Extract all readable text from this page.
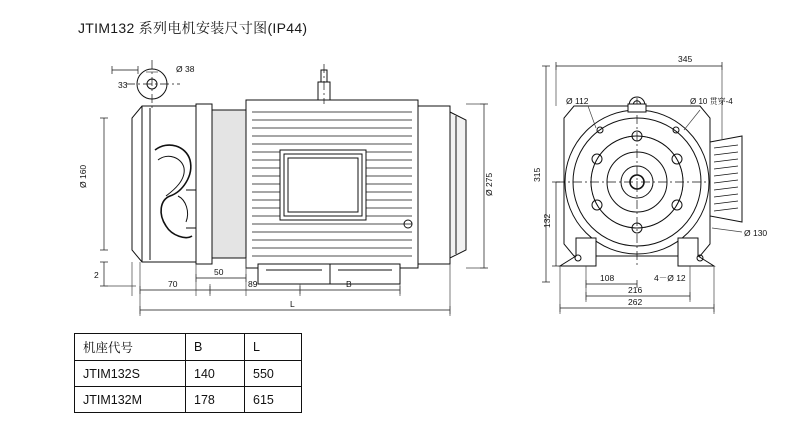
JTIM132 系列电机安装尺寸图(IP44)
Ø 38
33
Ø 160
2	50
70	89	B
L
Ø 275
345
Ø 112	Ø 10 贯穿-4
315
132
Ø 130
108	4－Ø 12
216
262
机座代号	B	L
JTIM132S	140	550
JTIM132M	178	615
